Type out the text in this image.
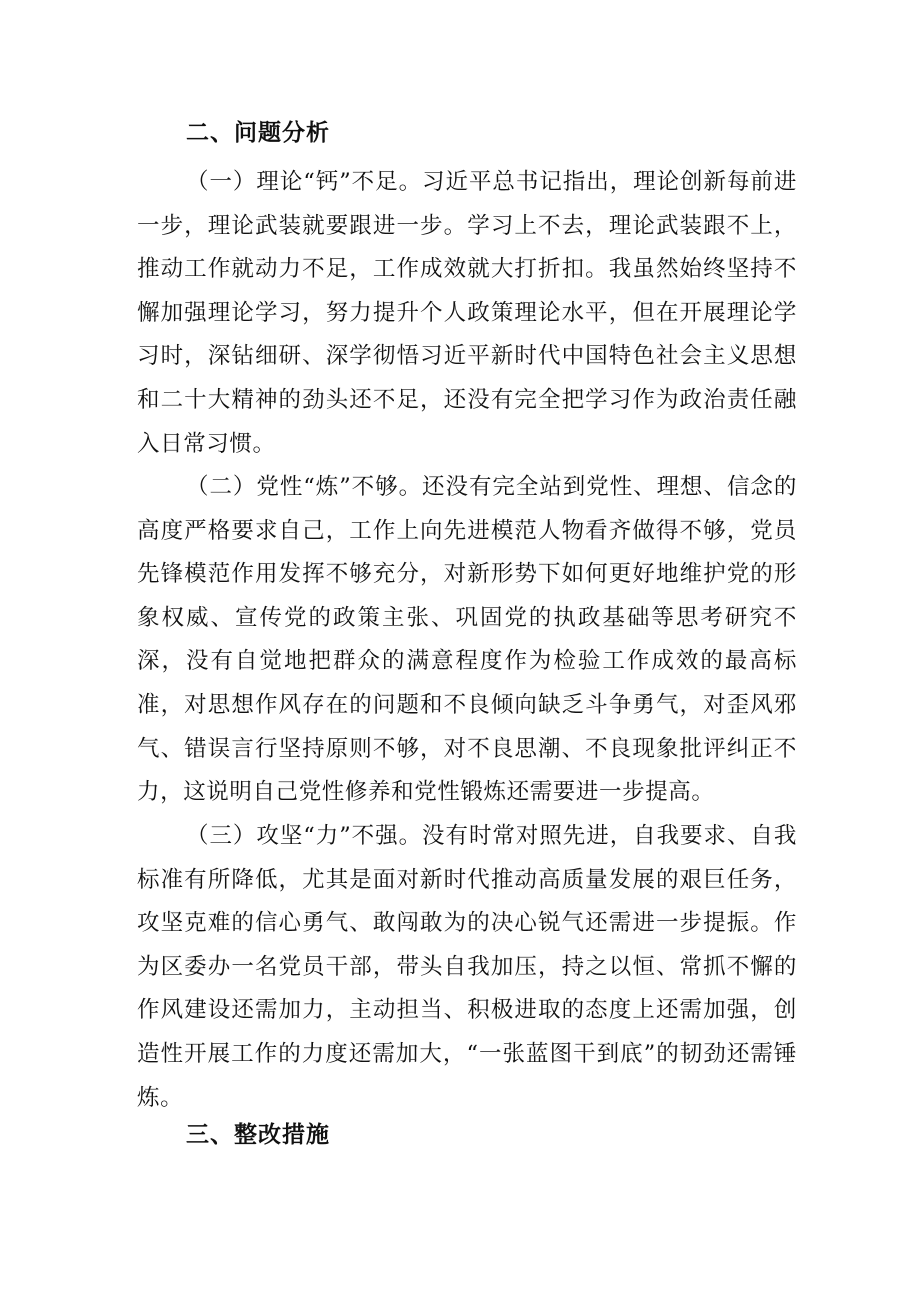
二、问题分析

（一）理论“钙”不足。习近平总书记指出，理论创新每前进一步，理论武装就要跟进一步。学习上不去，理论武装跟不上，推动工作就动力不足，工作成效就大打折扣。我虽然始终坚持不懈加强理论学习，努力提升个人政策理论水平，但在开展理论学习时，深钻细研、深学彻悟习近平新时代中国特色社会主义思想和二十大精神的劲头还不足，还没有完全把学习作为政治责任融入日常习惯。

（二）党性“炼”不够。还没有完全站到党性、理想、信念的高度严格要求自己，工作上向先进模范人物看齐做得不够，党员先锋模范作用发挥不够充分，对新形势下如何更好地维护党的形象权威、宣传党的政策主张、巩固党的执政基础等思考研究不深，没有自觉地把群众的满意程度作为检验工作成效的最高标准，对思想作风存在的问题和不良倾向缺乏斗争勇气，对歪风邪气、错误言行坚持原则不够，对不良思潮、不良现象批评纠正不力，这说明自己党性修养和党性锻炼还需要进一步提高。

（三）攻坚“力”不强。没有时常对照先进，自我要求、自我标准有所降低，尤其是面对新时代推动高质量发展的艰巨任务，攻坚克难的信心勇气、敢闯敢为的决心锐气还需进一步提振。作为区委办一名党员干部，带头自我加压，持之以恒、常抓不懈的作风建设还需加力，主动担当、积极进取的态度上还需加强，创造性开展工作的力度还需加大，“一张蓝图干到底”的韧劲还需锤炼。

三、整改措施
